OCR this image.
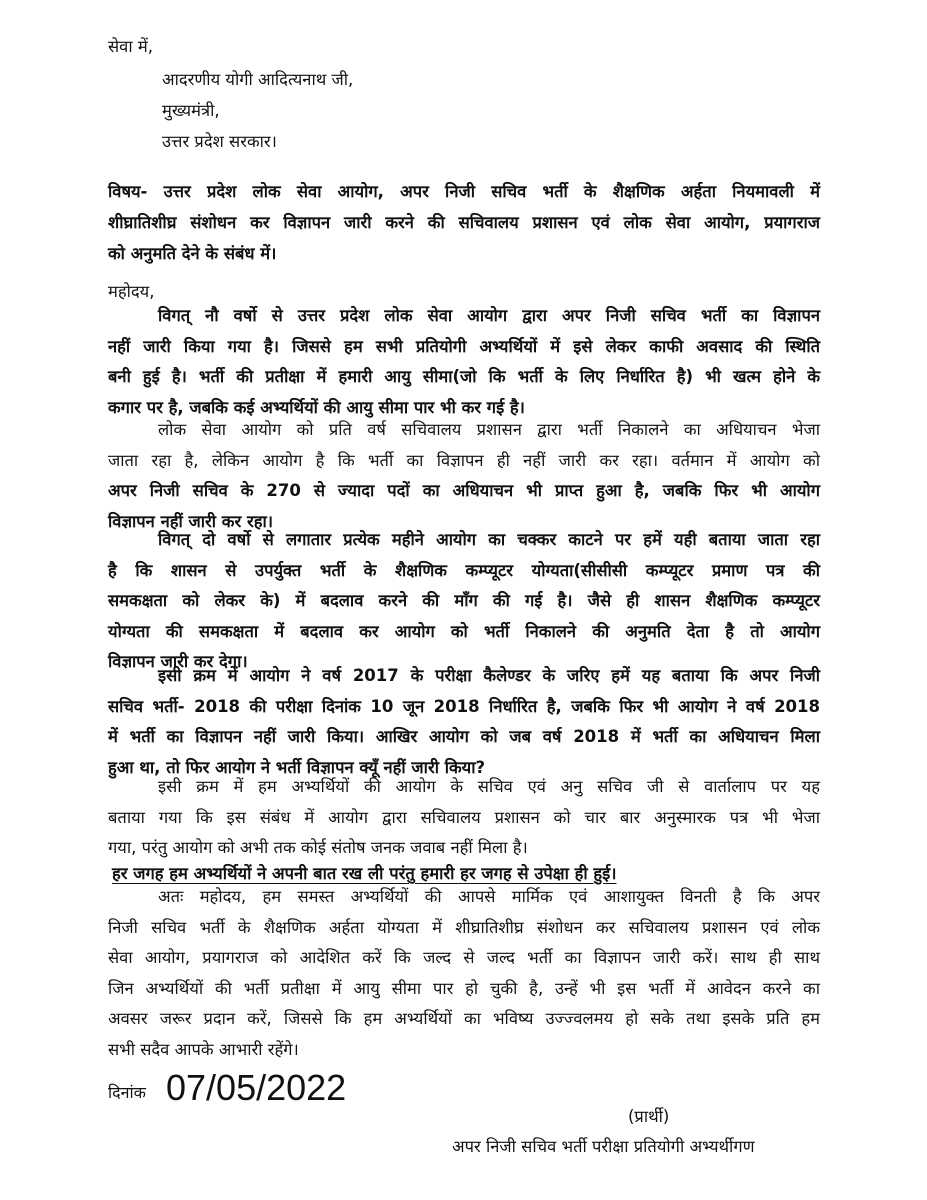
सेवा में,
आदरणीय योगी आदित्यनाथ जी,
मुख्यमंत्री,
उत्तर प्रदेश सरकार।
विषय- उत्तर प्रदेश लोक सेवा आयोग, अपर निजी सचिव भर्ती के शैक्षणिक अर्हता नियमावली में
शीघ्रातिशीघ्र संशोधन कर विज्ञापन जारी करने की सचिवालय प्रशासन एवं लोक सेवा आयोग, प्रयागराज
को अनुमति देने के संबंध में।
महोदय,
विगत् नौ वर्षो से उत्तर प्रदेश लोक सेवा आयोग द्वारा अपर निजी सचिव भर्ती का विज्ञापन
नहीं जारी किया गया है। जिससे हम सभी प्रतियोगी अभ्यर्थियों में इसे लेकर काफी अवसाद की स्थिति
बनी हुई है। भर्ती की प्रतीक्षा में हमारी आयु सीमा(जो कि भर्ती के लिए निर्धारित है) भी खत्म होने के
कगार पर है, जबकि कई अभ्यर्थियों की आयु सीमा पार भी कर गई है।
लोक सेवा आयोग को प्रति वर्ष सचिवालय प्रशासन द्वारा भर्ती निकालने का अधियाचन भेजा
जाता रहा है, लेकिन आयोग है कि भर्ती का विज्ञापन ही नहीं जारी कर रहा। वर्तमान में आयोग को
अपर निजी सचिव के 270 से ज्यादा पदों का अधियाचन भी प्राप्त हुआ है, जबकि फिर भी आयोग
विज्ञापन नहीं जारी कर रहा।
विगत् दो वर्षो से लगातार प्रत्येक महीने आयोग का चक्कर काटने पर हमें यही बताया जाता रहा
है कि शासन से उपर्युक्त भर्ती के शैक्षणिक कम्प्यूटर योग्यता(सीसीसी कम्प्यूटर प्रमाण पत्र की
समकक्षता को लेकर के) में बदलाव करने की माँग की गई है। जैसे ही शासन शैक्षणिक कम्प्यूटर
योग्यता की समकक्षता में बदलाव कर आयोग को भर्ती निकालने की अनुमति देता है तो आयोग
विज्ञापन जारी कर देगा।
इसी क्रम में आयोग ने वर्ष 2017 के परीक्षा कैलेण्डर के जरिए हमें यह बताया कि अपर निजी
सचिव भर्ती- 2018 की परीक्षा दिनांक 10 जून 2018 निर्धारित है, जबकि फिर भी आयोग ने वर्ष 2018
में भर्ती का विज्ञापन नहीं जारी किया। आखिर आयोग को जब वर्ष 2018 में भर्ती का अधियाचन मिला
हुआ था, तो फिर आयोग ने भर्ती विज्ञापन क्यूँ नहीं जारी किया?
इसी क्रम में हम अभ्यर्थियों की आयोग के सचिव एवं अनु सचिव जी से वार्तालाप पर यह
बताया गया कि इस संबंध में आयोग द्वारा सचिवालय प्रशासन को चार बार अनुस्मारक पत्र भी भेजा
गया, परंतु आयोग को अभी तक कोई संतोष जनक जवाब नहीं मिला है।
हर जगह हम अभ्यर्थियों ने अपनी बात रख ली परंतु हमारी हर जगह से उपेक्षा ही हुई।
अतः महोदय, हम समस्त अभ्यर्थियों की आपसे मार्मिक एवं आशायुक्त विनती है कि अपर
निजी सचिव भर्ती के शैक्षणिक अर्हता योग्यता में शीघ्रातिशीघ्र संशोधन कर सचिवालय प्रशासन एवं लोक
सेवा आयोग, प्रयागराज को आदेशित करें कि जल्द से जल्द भर्ती का विज्ञापन जारी करें। साथ ही साथ
जिन अभ्यर्थियों की भर्ती प्रतीक्षा में आयु सीमा पार हो चुकी है, उन्हें भी इस भर्ती में आवेदन करने का
अवसर जरूर प्रदान करें, जिससे कि हम अभ्यर्थियों का भविष्य उज्ज्वलमय हो सके तथा इसके प्रति हम
सभी सदैव आपके आभारी रहेंगे।
दिनांक 07/05/2022
(प्रार्थी)
अपर निजी सचिव भर्ती परीक्षा प्रतियोगी अभ्यर्थीगण
